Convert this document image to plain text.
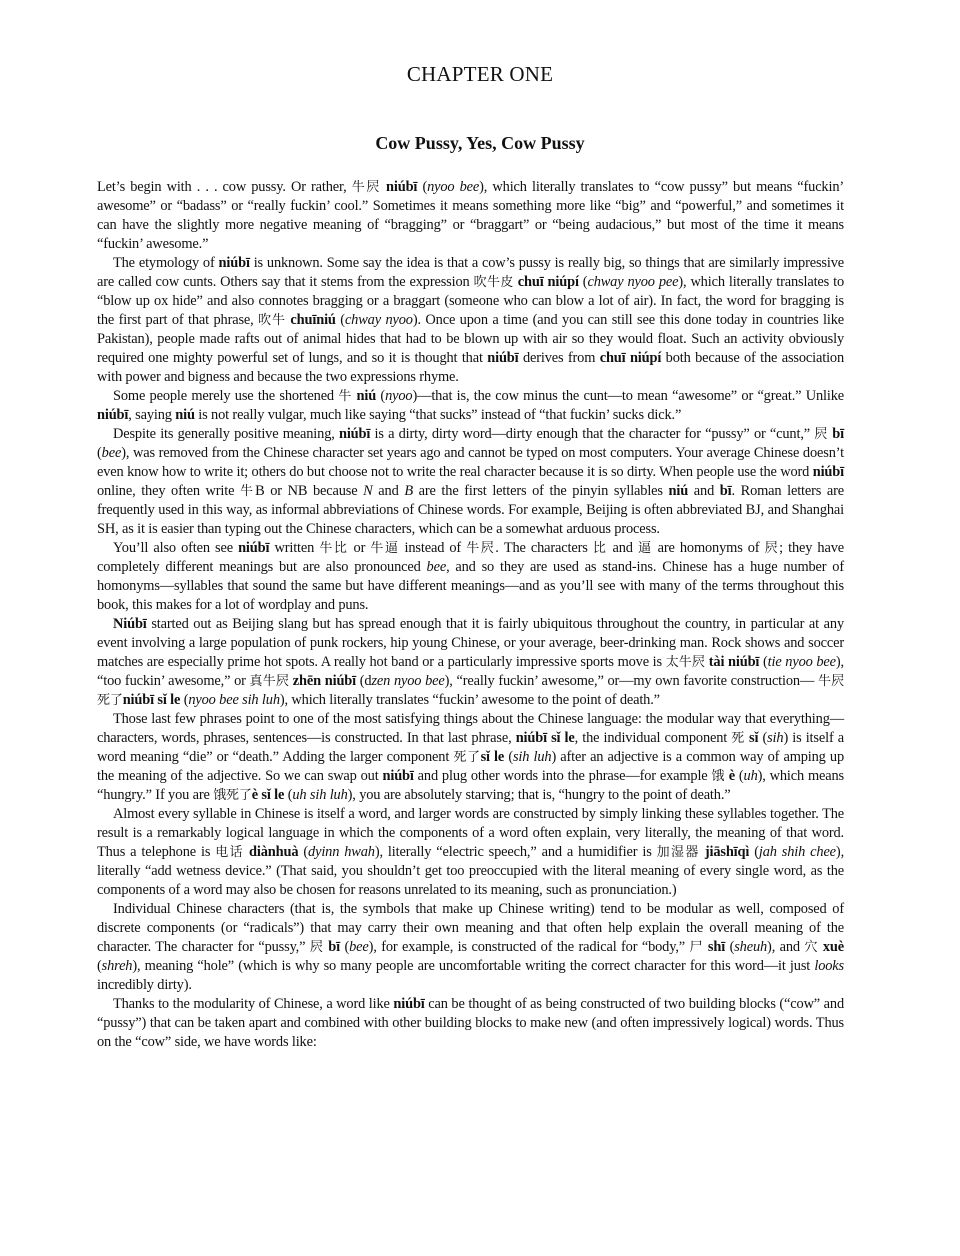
CHAPTER ONE
Cow Pussy, Yes, Cow Pussy

Let’s begin with . . . cow pussy. Or rather, 牛屄 niúbī (nyoo bee), which literally translates to “cow pussy” but means “fuckin’ awesome” or “badass” or “really fuckin’ cool.” Sometimes it means something more like “big” and “powerful,” and sometimes it can have the slightly more negative meaning of “bragging” or “braggart” or “being audacious,” but most of the time it means “fuckin’ awesome.”

The etymology of niúbī is unknown. Some say the idea is that a cow’s pussy is really big, so things that are similarly impressive are called cow cunts. Others say that it stems from the expression 吹牛皮 chuī niúpí (chway nyoo pee), which literally translates to “blow up ox hide” and also connotes bragging or a braggart (someone who can blow a lot of air). In fact, the word for bragging is the first part of that phrase, 吹牛 chuīniú (chway nyoo). Once upon a time (and you can still see this done today in countries like Pakistan), people made rafts out of animal hides that had to be blown up with air so they would float. Such an activity obviously required one mighty powerful set of lungs, and so it is thought that niúbī derives from chuī niúpí both because of the association with power and bigness and because the two expressions rhyme.

Some people merely use the shortened 牛 niú (nyoo)—that is, the cow minus the cunt—to mean “awesome” or “great.” Unlike niúbī, saying niú is not really vulgar, much like saying “that sucks” instead of “that fuckin’ sucks dick.”

Despite its generally positive meaning, niúbī is a dirty, dirty word—dirty enough that the character for “pussy” or “cunt,” 屄 bī (bee), was removed from the Chinese character set years ago and cannot be typed on most computers. Your average Chinese doesn’t even know how to write it; others do but choose not to write the real character because it is so dirty. When people use the word niúbī online, they often write 牛B or NB because N and B are the first letters of the pinyin syllables niú and bī. Roman letters are frequently used in this way, as informal abbreviations of Chinese words. For example, Beijing is often abbreviated BJ, and Shanghai SH, as it is easier than typing out the Chinese characters, which can be a somewhat arduous process.

You’ll also often see niúbī written 牛比 or 牛逼 instead of 牛屄. The characters 比 and 逼 are homonyms of 屄; they have completely different meanings but are also pronounced bee, and so they are used as stand-ins. Chinese has a huge number of homonyms—syllables that sound the same but have different meanings—and as you’ll see with many of the terms throughout this book, this makes for a lot of wordplay and puns.

Niúbī started out as Beijing slang but has spread enough that it is fairly ubiquitous throughout the country, in particular at any event involving a large population of punk rockers, hip young Chinese, or your average, beer-drinking man. Rock shows and soccer matches are especially prime hot spots. A really hot band or a particularly impressive sports move is 太牛屄 tài niúbī (tie nyoo bee), “too fuckin’ awesome,” or 真牛屄 zhēn niúbī (dzen nyoo bee), “really fuckin’ awesome,” or—my own favorite construction— 牛屄死了niúbī sǐ le (nyoo bee sih luh), which literally translates “fuckin’ awesome to the point of death.”

Those last few phrases point to one of the most satisfying things about the Chinese language: the modular way that everything—characters, words, phrases, sentences—is constructed. In that last phrase, niúbī sǐ le, the individual component 死 sǐ (sih) is itself a word meaning “die” or “death.” Adding the larger component 死了sǐ le (sih luh) after an adjective is a common way of amping up the meaning of the adjective. So we can swap out niúbī and plug other words into the phrase—for example 饿 è (uh), which means “hungry.” If you are 饿死了è sǐ le (uh sih luh), you are absolutely starving; that is, “hungry to the point of death.”

Almost every syllable in Chinese is itself a word, and larger words are constructed by simply linking these syllables together. The result is a remarkably logical language in which the components of a word often explain, very literally, the meaning of that word. Thus a telephone is 电话 diànhuà (dyinn hwah), literally “electric speech,” and a humidifier is 加湿器 jiāshīqì (jah shih chee), literally “add wetness device.” (That said, you shouldn’t get too preoccupied with the literal meaning of every single word, as the components of a word may also be chosen for reasons unrelated to its meaning, such as pronunciation.)

Individual Chinese characters (that is, the symbols that make up Chinese writing) tend to be modular as well, composed of discrete components (or “radicals”) that may carry their own meaning and that often help explain the overall meaning of the character. The character for “pussy,” 屄 bī (bee), for example, is constructed of the radical for “body,” 尸 shī (sheuh), and 穴 xuè (shreh), meaning “hole” (which is why so many people are uncomfortable writing the correct character for this word—it just looks incredibly dirty).

Thanks to the modularity of Chinese, a word like niúbī can be thought of as being constructed of two building blocks (“cow” and “pussy”) that can be taken apart and combined with other building blocks to make new (and often impressively logical) words. Thus on the “cow” side, we have words like:
